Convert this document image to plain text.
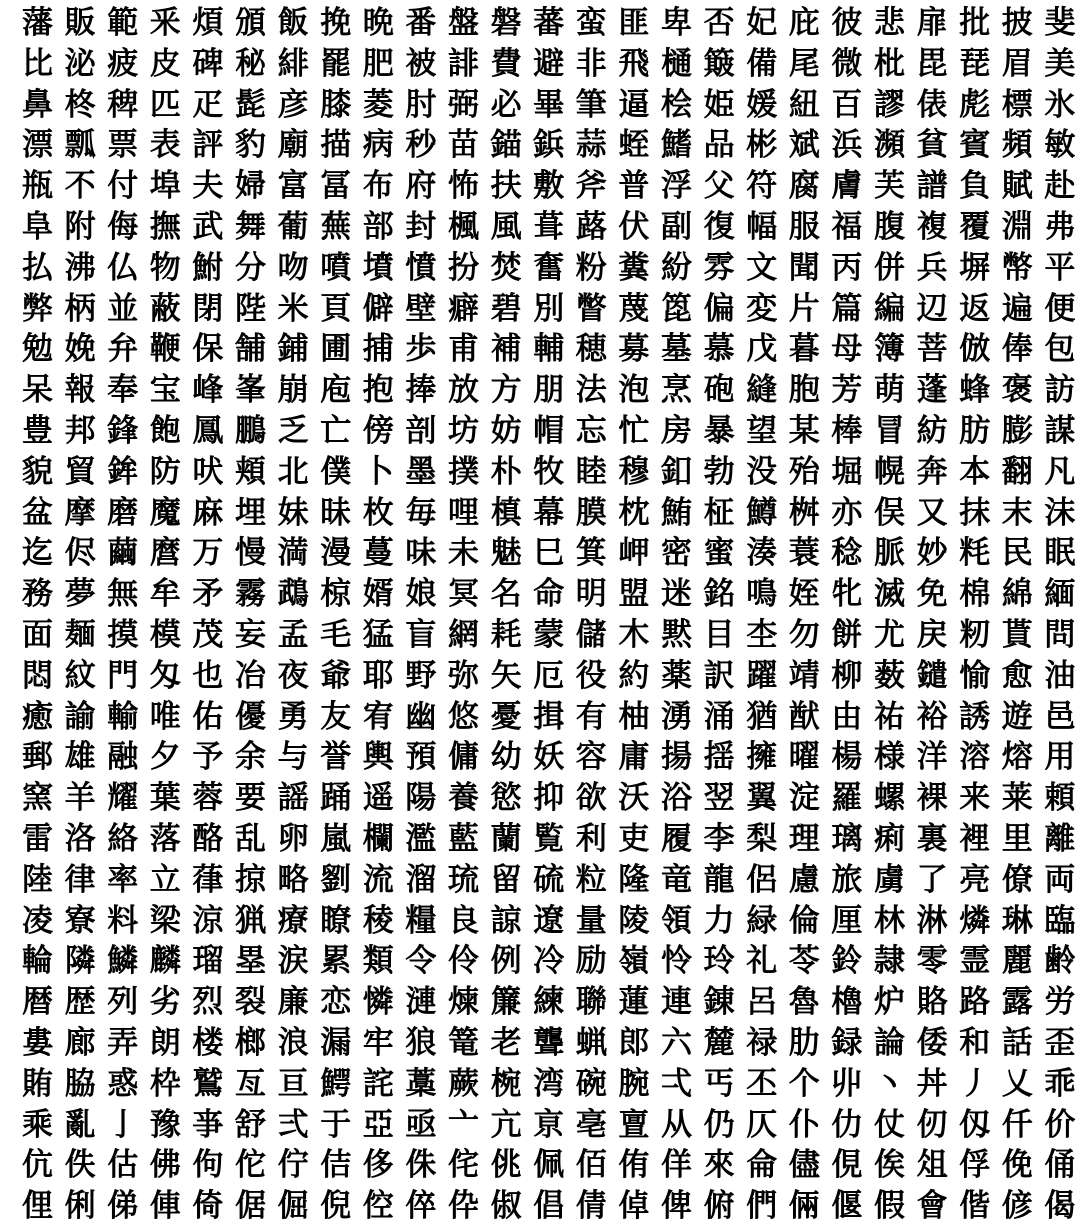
藩販範釆煩頒飯挽晩番盤磐蕃蛮匪卑否妃庇彼悲扉批披斐
比泌疲皮碑秘緋罷肥被誹費避非飛樋簸備尾微枇毘琵眉美
鼻柊稗匹疋髭彦膝菱肘弼必畢筆逼桧姫媛紐百謬俵彪標氷
漂瓢票表評豹廟描病秒苗錨鋲蒜蛭鰭品彬斌浜瀕貧賓頻敏
瓶不付埠夫婦富冨布府怖扶敷斧普浮父符腐膚芙譜負賦赴
阜附侮撫武舞葡蕪部封楓風葺蕗伏副復幅服福腹複覆淵弗
払沸仏物鮒分吻噴墳憤扮焚奮粉糞紛雰文聞丙併兵塀幣平
弊柄並蔽閉陛米頁僻壁癖碧別瞥蔑箆偏変片篇編辺返遍便
勉娩弁鞭保舗鋪圃捕歩甫補輔穂募墓慕戊暮母簿菩倣俸包
呆報奉宝峰峯崩庖抱捧放方朋法泡烹砲縫胞芳萌蓬蜂褒訪
豊邦鋒飽鳳鵬乏亡傍剖坊妨帽忘忙房暴望某棒冒紡肪膨謀
貌貿鉾防吠頬北僕卜墨撲朴牧睦穆釦勃没殆堀幌奔本翻凡
盆摩磨魔麻埋妹昧枚毎哩槙幕膜枕鮪柾鱒桝亦俣又抹末沫
迄侭繭麿万慢満漫蔓味未魅巳箕岬密蜜湊蓑稔脈妙粍民眠
務夢無牟矛霧鵡椋婿娘冥名命明盟迷銘鳴姪牝滅免棉綿緬
面麺摸模茂妄孟毛猛盲網耗蒙儲木黙目杢勿餅尤戻籾貰問
悶紋門匁也冶夜爺耶野弥矢厄役約薬訳躍靖柳薮鑓愉愈油
癒諭輸唯佑優勇友宥幽悠憂揖有柚湧涌猶猷由祐裕誘遊邑
郵雄融夕予余与誉輿預傭幼妖容庸揚揺擁曜楊様洋溶熔用
窯羊耀葉蓉要謡踊遥陽養慾抑欲沃浴翌翼淀羅螺裸来莱頼
雷洛絡落酪乱卵嵐欄濫藍蘭覧利吏履李梨理璃痢裏裡里離
陸律率立葎掠略劉流溜琉留硫粒隆竜龍侶慮旅虜了亮僚両
凌寮料梁涼猟療瞭稜糧良諒遼量陵領力緑倫厘林淋燐琳臨
輪隣鱗麟瑠塁涙累類令伶例冷励嶺怜玲礼苓鈴隷零霊麗齢
暦歴列劣烈裂廉恋憐漣煉簾練聯蓮連錬呂魯櫓炉賂路露労
婁廊弄朗楼榔浪漏牢狼篭老聾蝋郎六麓禄肋録論倭和話歪
賄脇惑枠鷲亙亘鰐詫藁蕨椀湾碗腕弌丐丕个丱丶丼丿乂乖
乘亂亅豫亊舒弍于亞亟亠亢亰亳亶从仍仄仆仂仗仞仭仟价
伉佚估佛佝佗佇佶侈侏侘佻佩佰侑佯來侖儘俔俟俎俘俛俑
俚俐俤俥倚倨倔倪倥倅伜俶倡倩倬俾俯們倆偃假會偕偐偈
